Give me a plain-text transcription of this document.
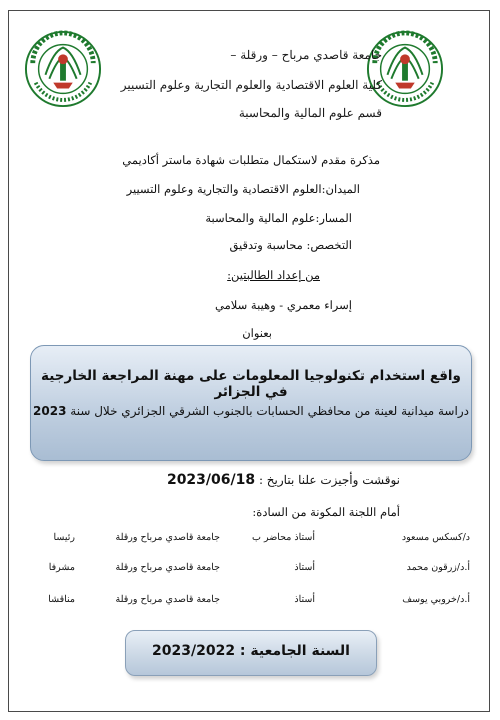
جامعة قاصدي مرباح – ورقلة –
كلية العلوم الاقتصادية والعلوم التجارية وعلوم التسيير
قسم علوم المالية والمحاسبة
مذكرة مقدم لاستكمال متطلبات شهادة ماستر أكاديمي
الميدان:العلوم الاقتصادية والتجارية وعلوم التسيير
المسار:علوم المالية والمحاسبة
التخصص: محاسبة وتدقيق
من إعداد الطالبتين:
إسراء معمري - وهيبة سلامي
بعنوان
واقع استخدام تكنولوجيا المعلومات على مهنة المراجعة الخارجية في الجزائر
دراسة ميدانية لعينة من محافظي الحسابات بالجنوب الشرقي الجزائري خلال سنة 2023
نوقشت وأجيزت علنا بتاريخ : 2023/06/18
أمام اللجنة المكونة من السادة:
د/كسكس مسعود
أستاذ محاضر ب
جامعة قاصدي مرباح ورقلة
رئيسا
أ.د/زرقون محمد
أستاذ
جامعة قاصدي مرباح ورقلة
مشرفا
أ.د/خروبي يوسف
أستاذ
جامعة قاصدي مرباح ورقلة
مناقشا
السنة الجامعية : 2023/2022
